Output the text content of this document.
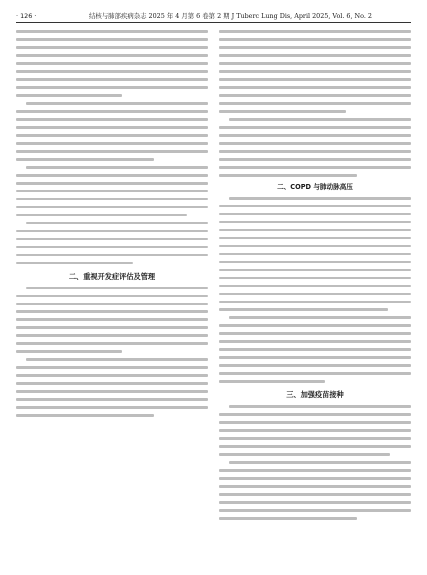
· 126 ·	结核与肺部疾病杂志 2025 年 4 月第 6 卷第 2 期 J Tuberc Lung Dis, April 2025, Vol. 6, No. 2
二、重视开发症评估及管理
二、COPD 与肺动脉高压
三、加强疫苗接种
